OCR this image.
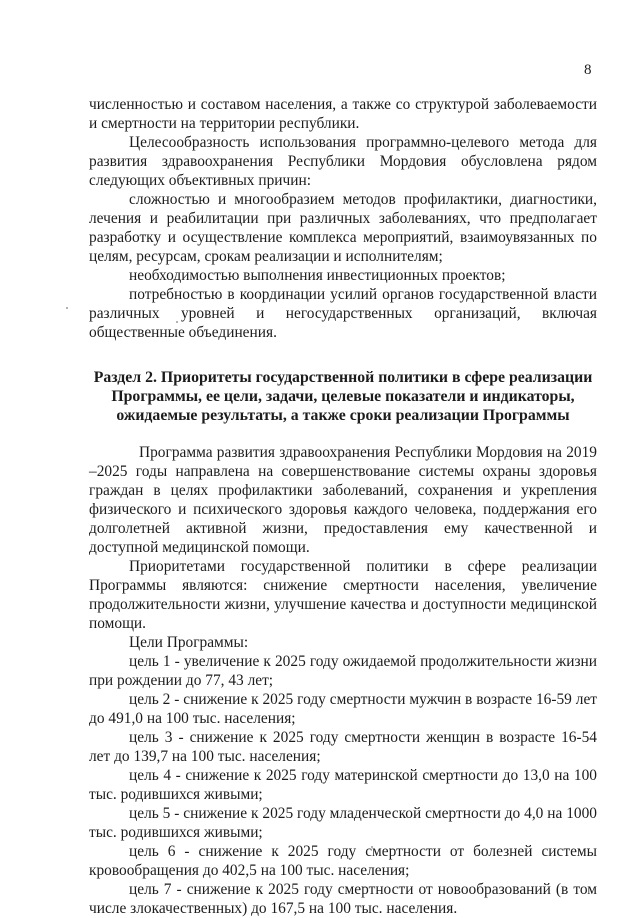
8

численностью и составом населения, а также со структурой заболеваемости и смертности на территории республики.

Целесообразность использования программно-целевого метода для развития здравоохранения Республики Мордовия обусловлена рядом следующих объективных причин:

сложностью и многообразием методов профилактики, диагностики, лечения и реабилитации при различных заболеваниях, что предполагает разработку и осуществление комплекса мероприятий, взаимоувязанных по целям, ресурсам, срокам реализации и исполнителям;

необходимостью выполнения инвестиционных проектов;

потребностью в координации усилий органов государственной власти различных уровней и негосударственных организаций, включая общественные объединения.

Раздел 2. Приоритеты государственной политики в сфере реализации Программы, ее цели, задачи, целевые показатели и индикаторы, ожидаемые результаты, а также сроки реализации Программы

Программа развития здравоохранения Республики Мордовия на 2019 –2025 годы направлена на совершенствование системы охраны здоровья граждан в целях профилактики заболеваний, сохранения и укрепления физического и психического здоровья каждого человека, поддержания его долголетней активной жизни, предоставления ему качественной и доступной медицинской помощи.

Приоритетами государственной политики в сфере реализации Программы являются: снижение смертности населения, увеличение продолжительности жизни, улучшение качества и доступности медицинской помощи.

Цели Программы:

цель 1 - увеличение к 2025 году ожидаемой продолжительности жизни при рождении до 77, 43 лет;

цель 2 - снижение к 2025 году смертности мужчин в возрасте 16-59 лет до 491,0 на 100 тыс. населения;

цель 3 - снижение к 2025 году смертности женщин в возрасте 16-54 лет до 139,7 на 100 тыс. населения;

цель 4 - снижение к 2025 году материнской смертности до 13,0 на 100 тыс. родившихся живыми;

цель 5 - снижение к 2025 году младенческой смертности до 4,0 на 1000 тыс. родившихся живыми;

цель 6 - снижение к 2025 году смертности от болезней системы кровообращения до 402,5 на 100 тыс. населения;

цель 7 - снижение к 2025 году смертности от новообразований (в том числе злокачественных) до 167,5 на 100 тыс. населения.
